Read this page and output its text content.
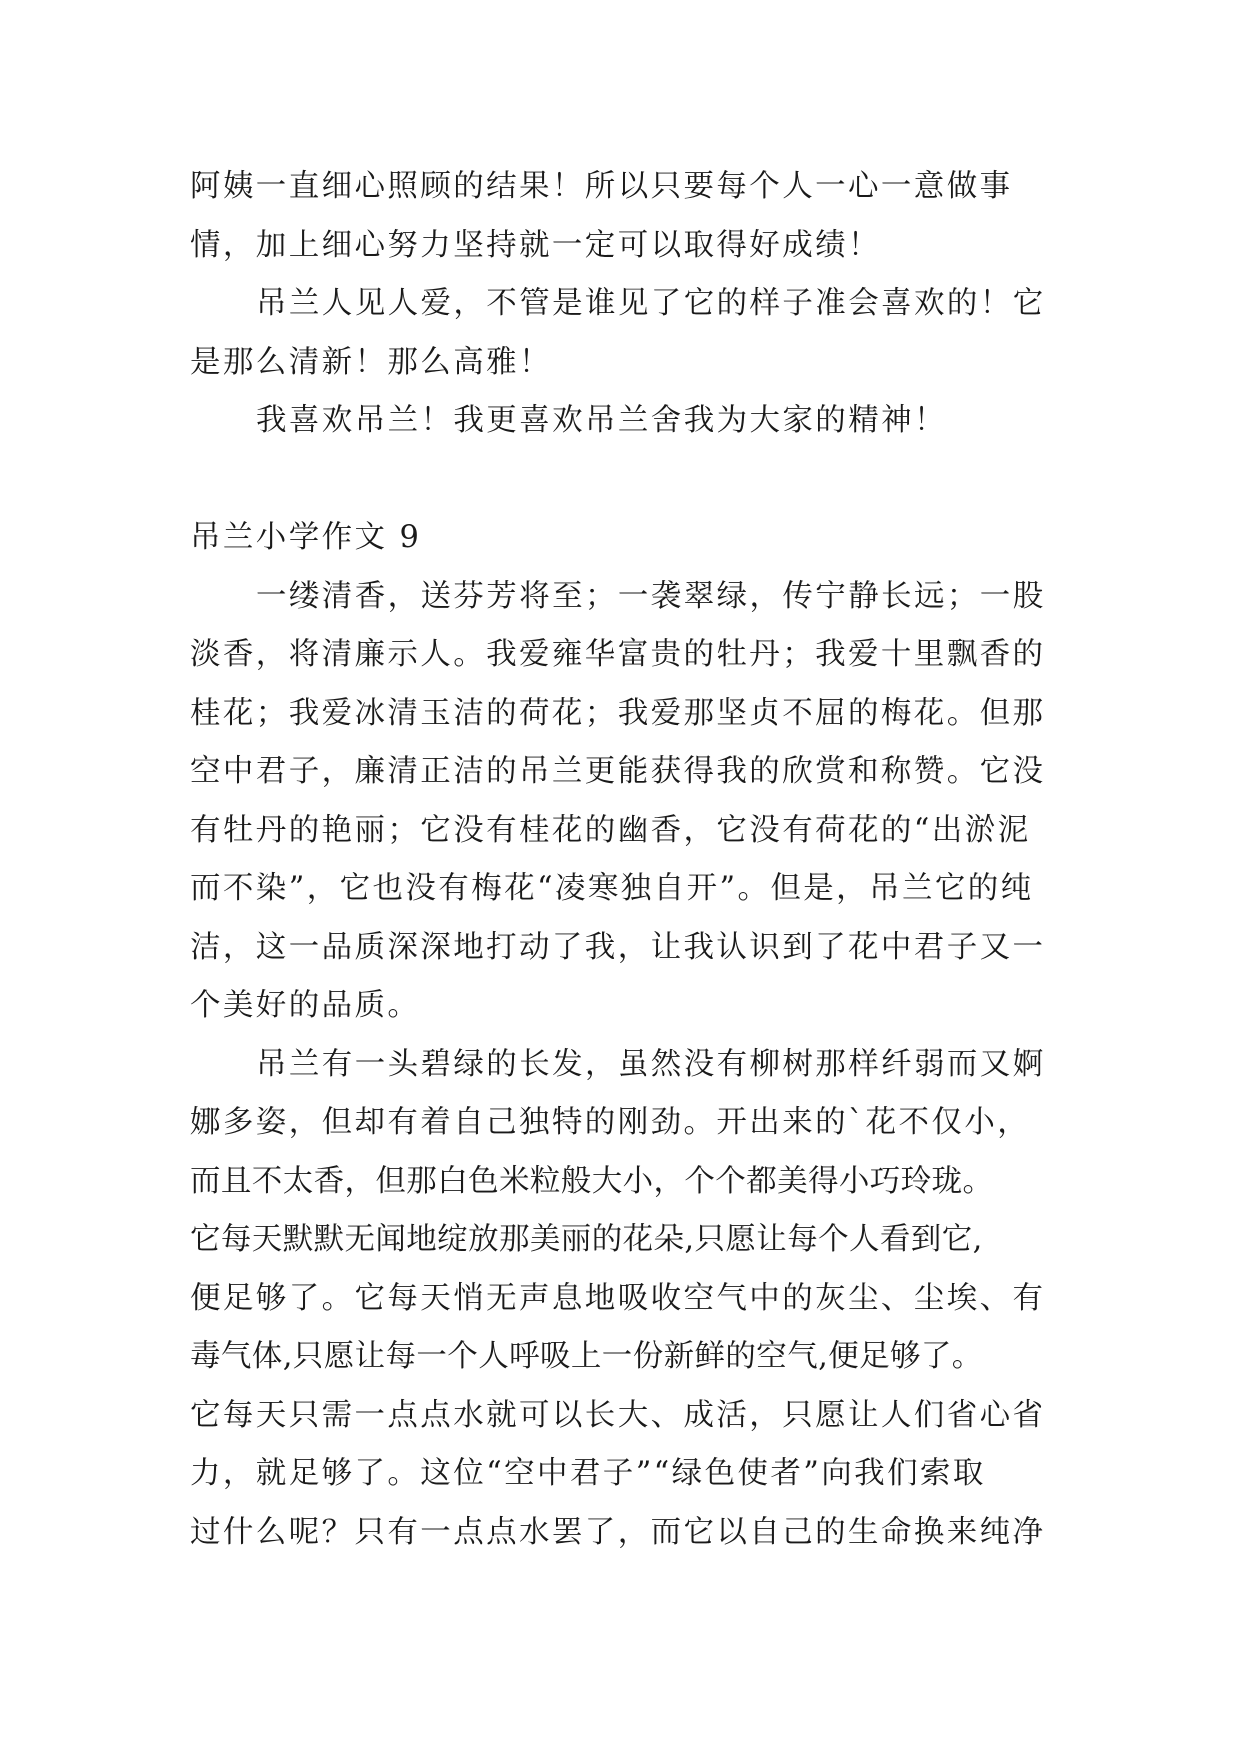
阿姨一直细心照顾的结果！所以只要每个人一心一意做事
情，加上细心努力坚持就一定可以取得好成绩！
吊兰人见人爱，不管是谁见了它的样子准会喜欢的！它
是那么清新！那么高雅！
我喜欢吊兰！我更喜欢吊兰舍我为大家的精神！
吊兰小学作文 9
一缕清香，送芬芳将至；一袭翠绿，传宁静长远；一股
淡香，将清廉示人。我爱雍华富贵的牡丹；我爱十里飘香的
桂花；我爱冰清玉洁的荷花；我爱那坚贞不屈的梅花。但那
空中君子，廉清正洁的吊兰更能获得我的欣赏和称赞。它没
有牡丹的艳丽；它没有桂花的幽香，它没有荷花的“出淤泥
而不染”，它也没有梅花“凌寒独自开”。但是，吊兰它的纯
洁，这一品质深深地打动了我，让我认识到了花中君子又一
个美好的品质。
吊兰有一头碧绿的长发，虽然没有柳树那样纤弱而又婀
娜多姿，但却有着自己独特的刚劲。开出来的`花不仅小，
而且不太香，但那白色米粒般大小，个个都美得小巧玲珑。
它每天默默无闻地绽放那美丽的花朵,只愿让每个人看到它,
便足够了。它每天悄无声息地吸收空气中的灰尘、尘埃、有
毒气体,只愿让每一个人呼吸上一份新鲜的空气,便足够了。
它每天只需一点点水就可以长大、成活，只愿让人们省心省
力，就足够了。这位“空中君子”“绿色使者”向我们索取
过什么呢？只有一点点水罢了，而它以自己的生命换来纯净
